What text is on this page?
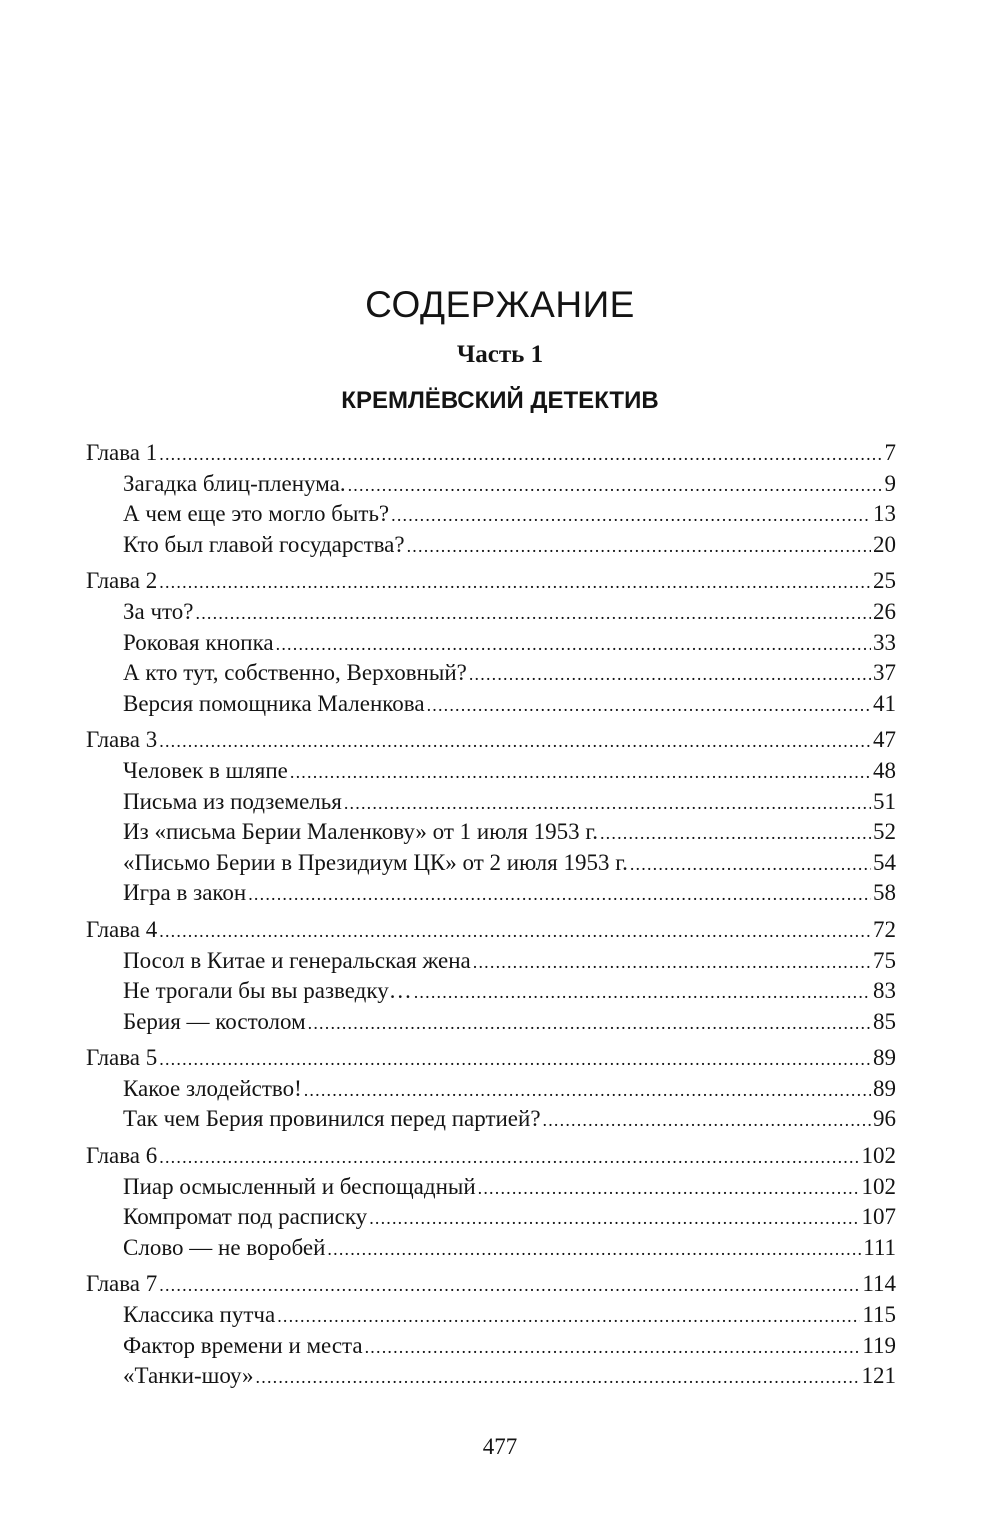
СОДЕРЖАНИЕ
Часть 1
КРЕМЛЁВСКИЙ ДЕТЕКТИВ
Глава 1 .....	7
Загадка блиц-пленума. .....	9
А чем еще это могло быть? .....	13
Кто был главой государства? .....	20
Глава 2 .....	25
За что? .....	26
Роковая кнопка .....	33
А кто тут, собственно, Верховный? .....	37
Версия помощника Маленкова .....	41
Глава 3 .....	47
Человек в шляпе .....	48
Письма из подземелья .....	51
Из «письма Берии Маленкову» от 1 июля 1953 г. .....	52
«Письмо Берии в Президиум ЦК» от 2 июля 1953 г. .....	54
Игра в закон .....	58
Глава 4 .....	72
Посол в Китае и генеральская жена .....	75
Не трогали бы вы разведку… .....	83
Берия — костолом .....	85
Глава 5 .....	89
Какое злодейство! .....	89
Так чем Берия провинился перед партией? .....	96
Глава 6 .....	102
Пиар осмысленный и беспощадный .....	102
Компромат под расписку .....	107
Слово — не воробей .....	111
Глава 7 .....	114
Классика путча .....	115
Фактор времени и места .....	119
«Танки-шоу» .....	121
477
